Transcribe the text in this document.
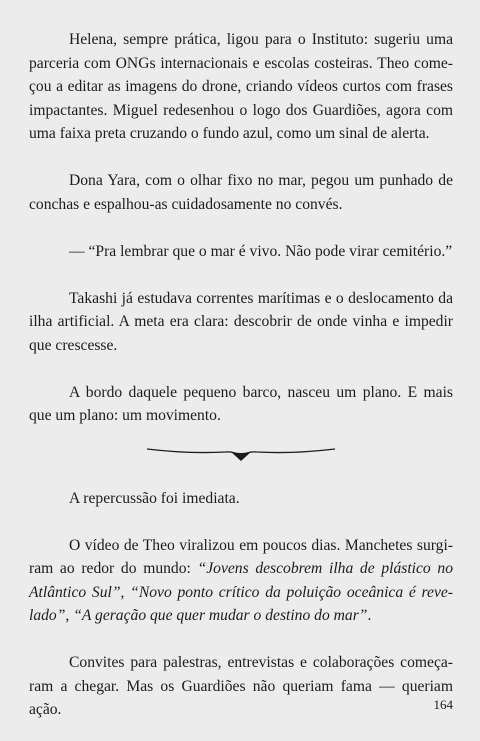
Helena, sempre prática, ligou para o Instituto: sugeriu uma parceria com ONGs internacionais e escolas costeiras. Theo começou a editar as imagens do drone, criando vídeos curtos com frases impactantes. Miguel redesenhou o logo dos Guardiões, agora com uma faixa preta cruzando o fundo azul, como um sinal de alerta.

Dona Yara, com o olhar fixo no mar, pegou um punhado de conchas e espalhou-as cuidadosamente no convés.

— “Pra lembrar que o mar é vivo. Não pode virar cemitério.”

Takashi já estudava correntes marítimas e o deslocamento da ilha artificial. A meta era clara: descobrir de onde vinha e impedir que crescesse.

A bordo daquele pequeno barco, nasceu um plano. E mais que um plano: um movimento.

A repercussão foi imediata.

O vídeo de Theo viralizou em poucos dias. Manchetes surgiram ao redor do mundo: “Jovens descobrem ilha de plástico no Atlântico Sul”, “Novo ponto crítico da poluição oceânica é revelado”, “A geração que quer mudar o destino do mar”.

Convites para palestras, entrevistas e colaborações começaram a chegar. Mas os Guardiões não queriam fama — queriam ação.	164
